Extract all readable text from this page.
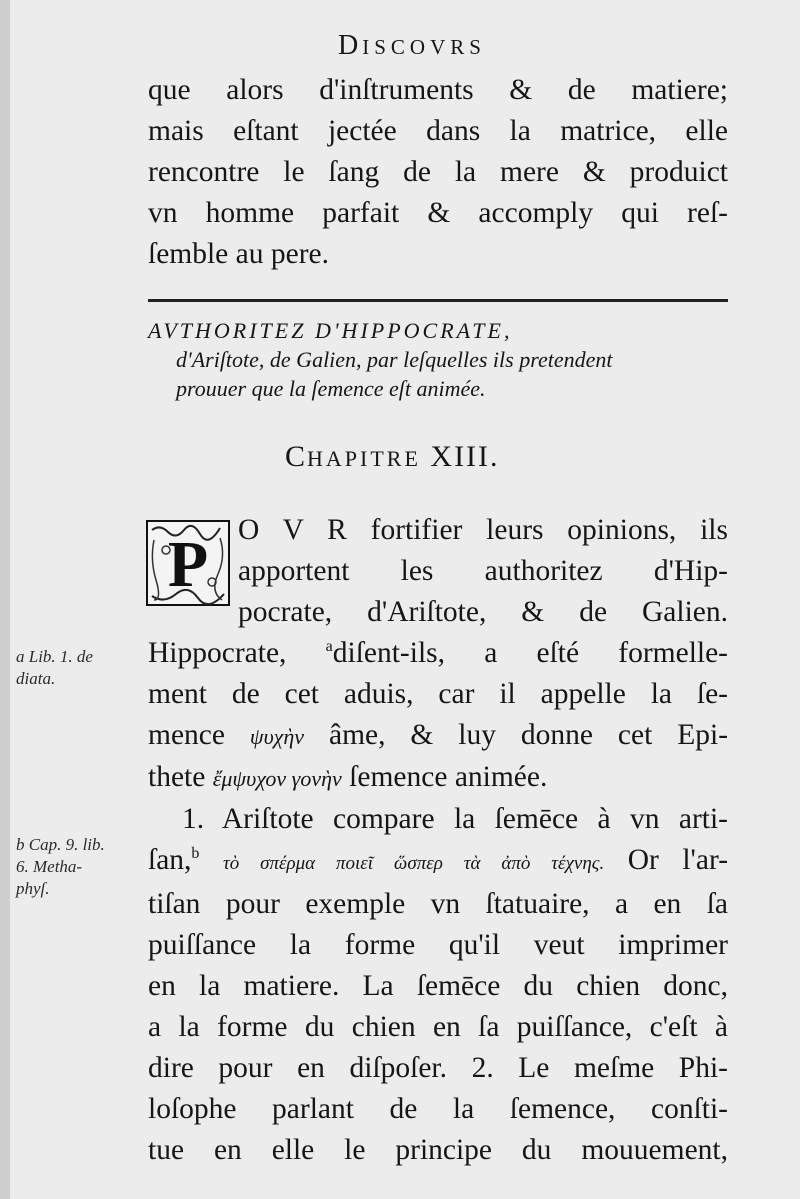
DISCOVRS
que alors d'inſtruments & de matiere;
mais eſtant jectée dans la matrice, elle
rencontre le ſang de la mere & produict
vn homme parfait & accomply qui reſ-
ſemble au pere.
AVTHORITEZ D'HIPPOCRATE,
d'Ariſtote, de Galien, par leſquelles ils pretendent
prouuer que la ſemence eſt animée.
CHAPITRE XIII.
P	O V R fortifier leurs opinions, ils
apportent les authoritez d'Hip-
pocrate, d'Ariſtote, & de Galien.
Hippocrate, $^a$diſent-ils, a eſté formelle-
ment de cet aduis, car il appelle la ſe-
mence ψυχὴν âme, & luy donne cet Epi-
thete ἔμψυχον γονὴν ſemence animée.
1. Ariſtote compare la ſemēce à vn arti-
ſan,$^b$ τὸ σπέρμα ποιεῖ ὥσπερ τὰ ἀπὸ τέχνης. Or l'ar-
tiſan pour exemple vn ſtatuaire, a en ſa
puiſſance la forme qu'il veut imprimer
en la matiere. La ſemēce du chien donc,
a la forme du chien en ſa puiſſance, c'eſt à
dire pour en diſpoſer. 2. Le meſme Phi-
loſophe parlant de la ſemence, conſti-
tue en elle le principe du mouuement,
a Lib. 1. de
diata.
b Cap. 9. lib.
6. Metha-
phyſ.
